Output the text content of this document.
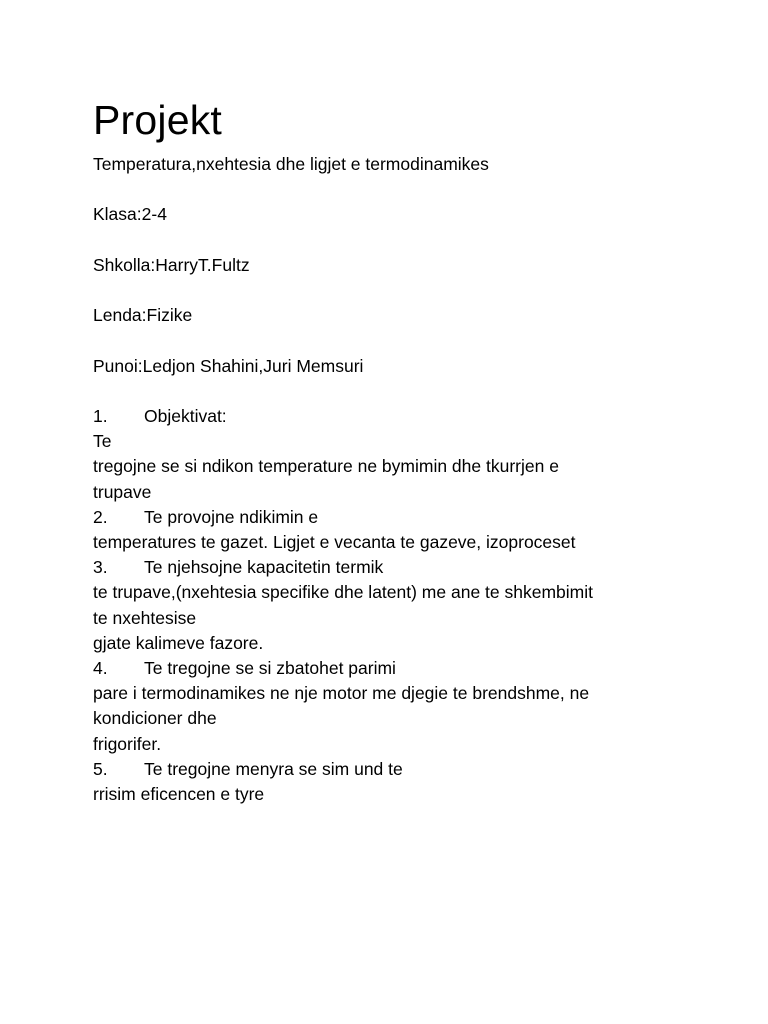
Projekt

Temperatura,nxehtesia dhe ligjet e termodinamikes

Klasa:2-4

Shkolla:HarryT.Fultz

Lenda:Fizike

Punoi:Ledjon Shahini,Juri Memsuri

1. Objektivat:

Te

tregojne se si ndikon temperature ne bymimin dhe tkurrjen e

trupave

2. Te provojne ndikimin e

temperatures te gazet. Ligjet e vecanta te gazeve, izoproceset

3. Te njehsojne kapacitetin termik

te trupave,(nxehtesia specifike dhe latent) me ane te shkembimit

te nxehtesise

gjate kalimeve fazore.

4. Te tregojne se si zbatohet parimi

pare i termodinamikes ne nje motor me djegie te brendshme, ne

kondicioner dhe

frigorifer.

5. Te tregojne menyra se sim und te

rrisim eficencen e tyre
